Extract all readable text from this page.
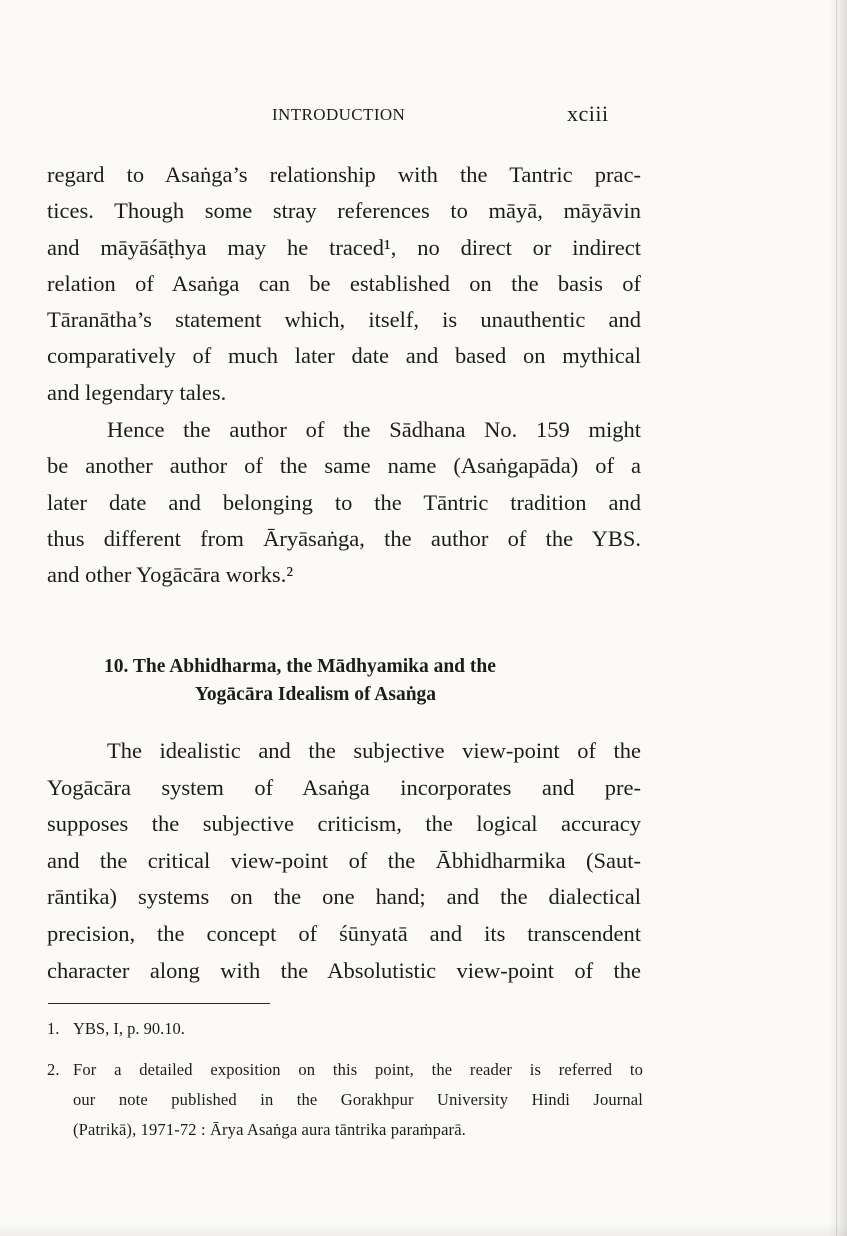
INTRODUCTION	xciii
regard to Asaṅga’s relationship with the Tantric prac-
tices. Though some stray references to māyā, māyāvin
and māyāśāṭhya may he traced¹, no direct or indirect
relation of Asaṅga can be established on the basis of
Tāranātha’s statement which, itself, is unauthentic and
comparatively of much later date and based on mythical
and legendary tales.
Hence the author of the Sādhana No. 159 might
be another author of the same name (Asaṅgapāda) of a
later date and belonging to the Tāntric tradition and
thus different from Āryāsaṅga, the author of the YBS.
and other Yogācāra works.²
10. The Abhidharma, the Mādhyamika and the
Yogācāra Idealism of Asaṅga
The idealistic and the subjective view-point of the
Yogācāra system of Asaṅga incorporates and pre-
supposes the subjective criticism, the logical accuracy
and the critical view-point of the Ābhidharmika (Saut-
rāntika) systems on the one hand; and the dialectical
precision, the concept of śūnyatā and its transcendent
character along with the Absolutistic view-point of the
1. YBS, I, p. 90.10.
2. For a detailed exposition on this point, the reader is referred to
our note published in the Gorakhpur University Hindi Journal
(Patrikā), 1971-72 : Ārya Asaṅga aura tāntrika paraṁparā.
